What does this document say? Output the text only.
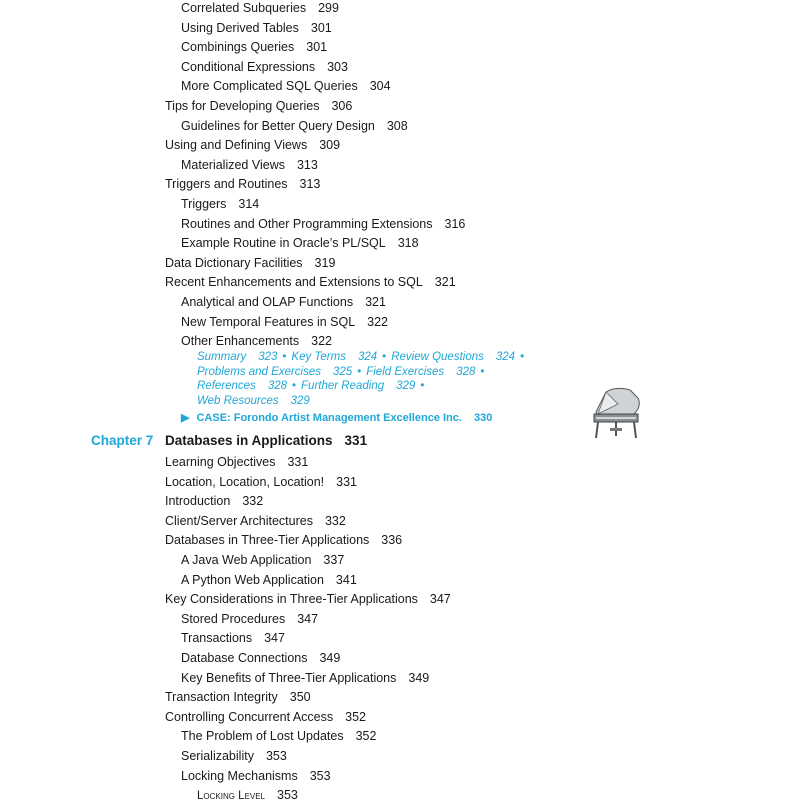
Correlated Subqueries 299
Using Derived Tables 301
Combinings Queries 301
Conditional Expressions 303
More Complicated SQL Queries 304
Tips for Developing Queries 306
Guidelines for Better Query Design 308
Using and Defining Views 309
Materialized Views 313
Triggers and Routines 313
Triggers 314
Routines and Other Programming Extensions 316
Example Routine in Oracle’s PL/SQL 318
Data Dictionary Facilities 319
Recent Enhancements and Extensions to SQL 321
Analytical and OLAP Functions 321
New Temporal Features in SQL 322
Other Enhancements 322
Summary 323 • Key Terms 324 • Review Questions 324 •
Problems and Exercises 325 • Field Exercises 328 •
References 328 • Further Reading 329 •
Web Resources 329
▶ CASE: Forondo Artist Management Excellence Inc. 330
Chapter 7 Databases in Applications 331
Learning Objectives 331
Location, Location, Location! 331
Introduction 332
Client/Server Architectures 332
Databases in Three-Tier Applications 336
A Java Web Application 337
A Python Web Application 341
Key Considerations in Three-Tier Applications 347
Stored Procedures 347
Transactions 347
Database Connections 349
Key Benefits of Three-Tier Applications 349
Transaction Integrity 350
Controlling Concurrent Access 352
The Problem of Lost Updates 352
Serializability 353
Locking Mechanisms 353
Locking Level 353
